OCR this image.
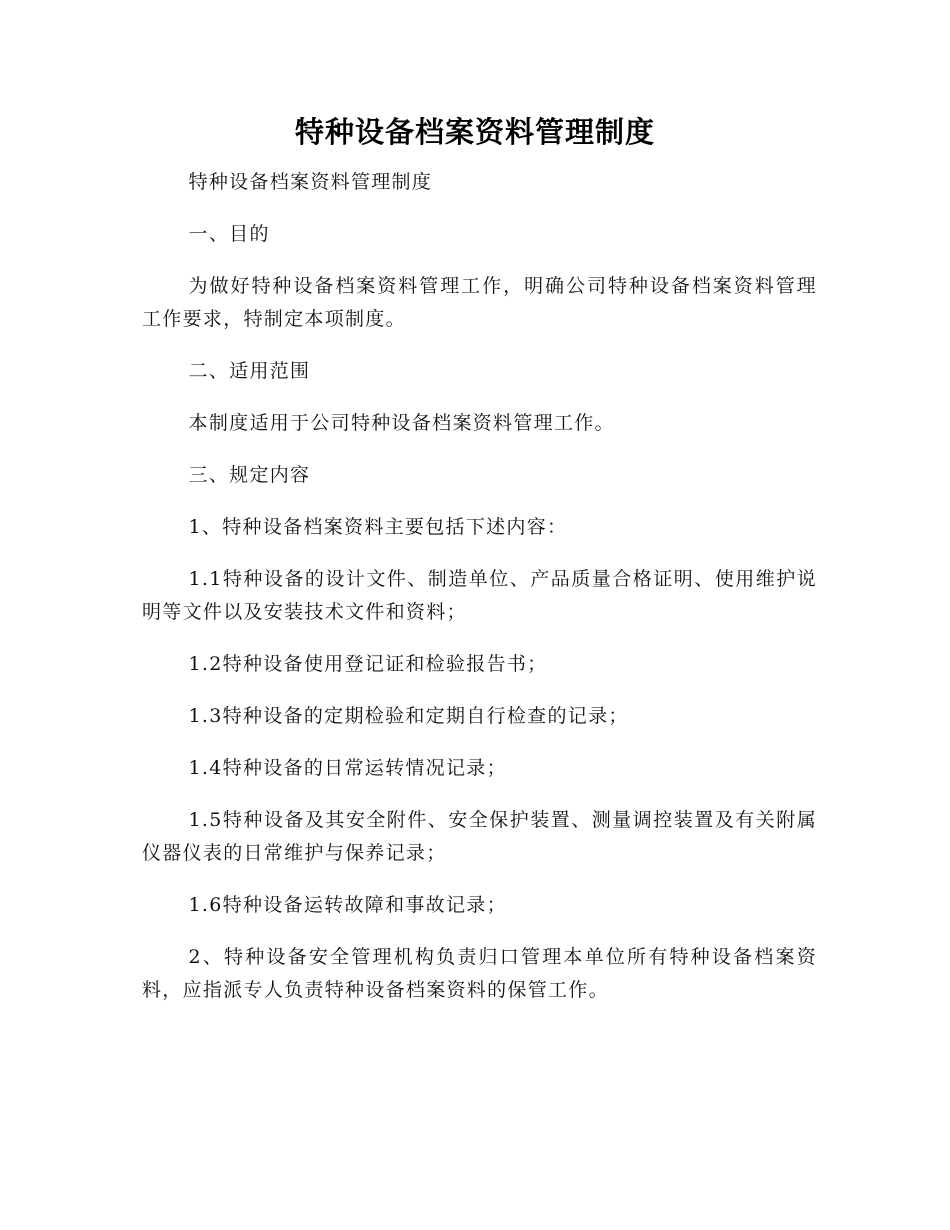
特种设备档案资料管理制度

特种设备档案资料管理制度

一、目的

为做好特种设备档案资料管理工作，明确公司特种设备档案资料管理工作要求，特制定本项制度。

二、适用范围

本制度适用于公司特种设备档案资料管理工作。

三、规定内容

1、特种设备档案资料主要包括下述内容：

1.1特种设备的设计文件、制造单位、产品质量合格证明、使用维护说明等文件以及安装技术文件和资料；

1.2特种设备使用登记证和检验报告书；

1.3特种设备的定期检验和定期自行检查的记录；

1.4特种设备的日常运转情况记录；

1.5特种设备及其安全附件、安全保护装置、测量调控装置及有关附属仪器仪表的日常维护与保养记录；

1.6特种设备运转故障和事故记录；

2、特种设备安全管理机构负责归口管理本单位所有特种设备档案资料，应指派专人负责特种设备档案资料的保管工作。
